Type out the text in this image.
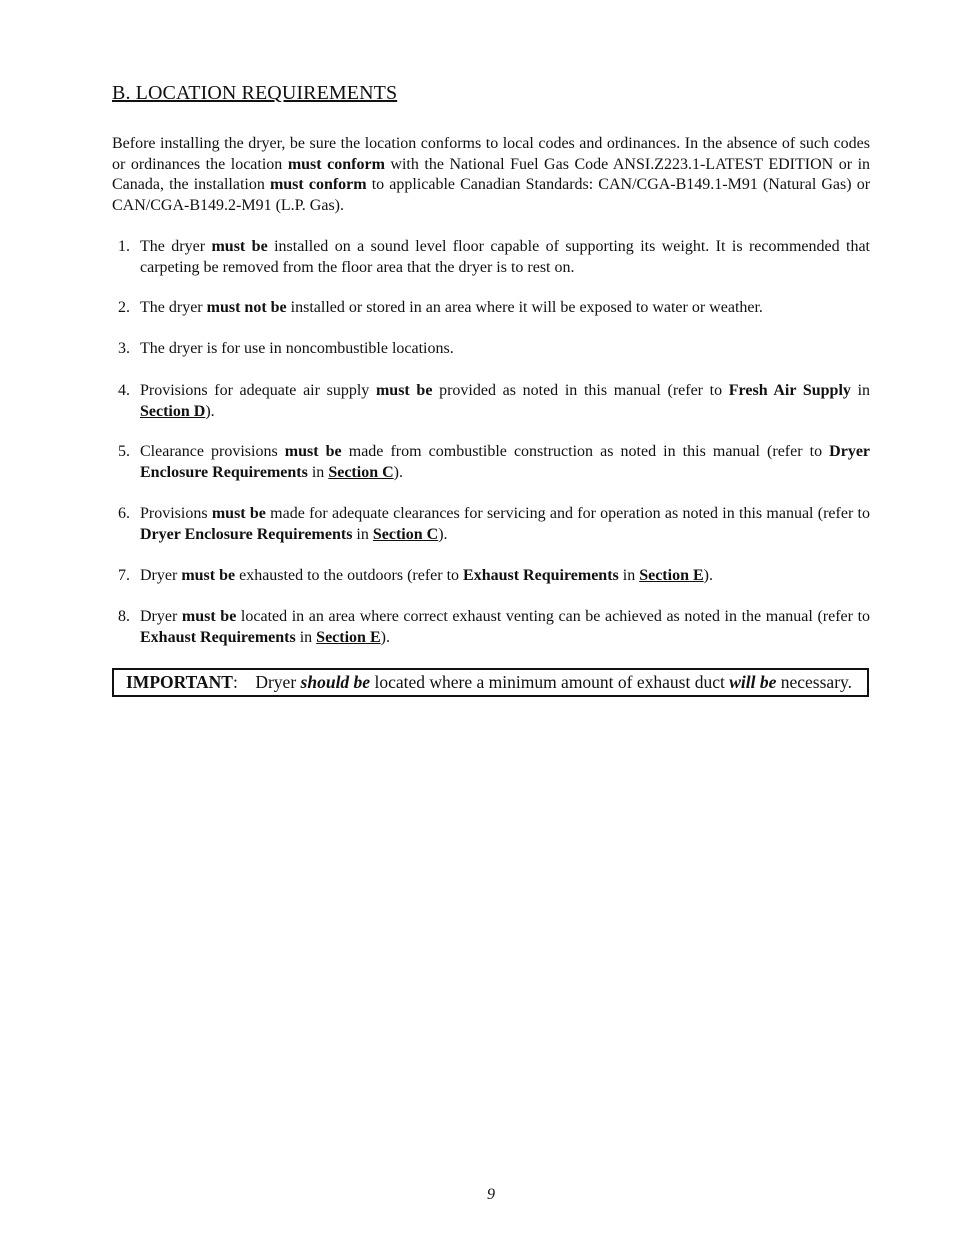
B. LOCATION REQUIREMENTS
Before installing the dryer, be sure the location conforms to local codes and ordinances. In the absence of such codes or ordinances the location must conform with the National Fuel Gas Code ANSI.Z223.1-LATEST EDITION or in Canada, the installation must conform to applicable Canadian Standards: CAN/CGA-B149.1-M91 (Natural Gas) or CAN/CGA-B149.2-M91 (L.P. Gas).
1. The dryer must be installed on a sound level floor capable of supporting its weight. It is recommended that carpeting be removed from the floor area that the dryer is to rest on.
2. The dryer must not be installed or stored in an area where it will be exposed to water or weather.
3. The dryer is for use in noncombustible locations.
4. Provisions for adequate air supply must be provided as noted in this manual (refer to Fresh Air Supply in Section D).
5. Clearance provisions must be made from combustible construction as noted in this manual (refer to Dryer Enclosure Requirements in Section C).
6. Provisions must be made for adequate clearances for servicing and for operation as noted in this manual (refer to Dryer Enclosure Requirements in Section C).
7. Dryer must be exhausted to the outdoors (refer to Exhaust Requirements in Section E).
8. Dryer must be located in an area where correct exhaust venting can be achieved as noted in the manual (refer to Exhaust Requirements in Section E).
IMPORTANT:    Dryer should be located where a minimum amount of exhaust duct will be necessary.
9
